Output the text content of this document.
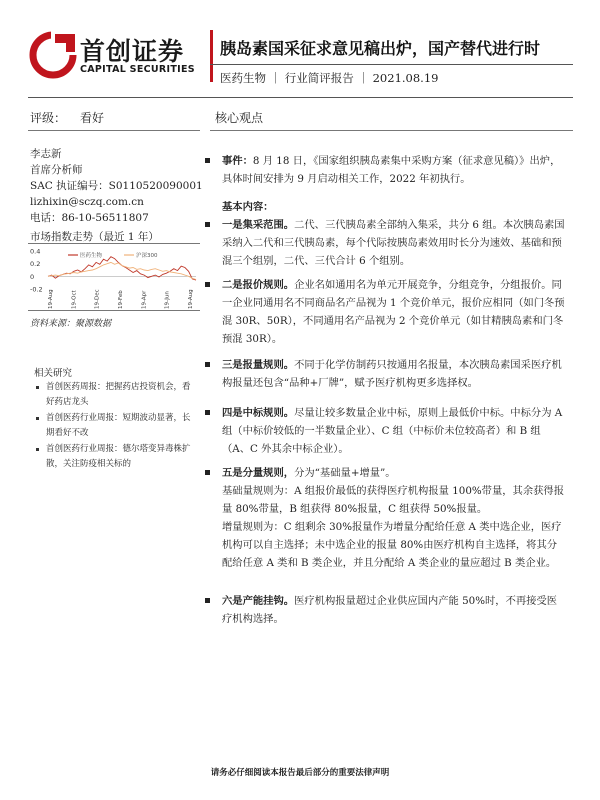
首创证券
CAPITAL SECURITIES
胰岛素国采征求意见稿出炉，国产替代进行时
医药生物 ｜ 行业简评报告 ｜ 2021.08.19
评级： 看好
李志新
首席分析师
SAC 执证编号：S0110520090001
lizhixin@sczq.com.cn
电话：86-10-56511807
市场指数走势（最近 1 年）
0.4
0.2
0
-0.2 19-Aug	19-Oct	19-Dec	19-Feb	19-Apr	19-Jun	19-Aug
医药生物	沪深300
资料来源：聚源数据
相关研究
首创医药周报：把握药店投资机会，看好药店龙头
首创医药行业周报：短期波动显著，长期看好不改
首创医药行业周报：德尔塔变异毒株扩散，关注防疫相关标的
核心观点

事件：8 月 18 日，《国家组织胰岛素集中采购方案（征求意见稿）》出炉，具体时间安排为 9 月启动相关工作，2022 年初执行。

基本内容：

一是集采范围。二代、三代胰岛素全部纳入集采，共分 6 组。本次胰岛素国采纳入二代和三代胰岛素，每个代际按胰岛素效用时长分为速效、基础和预混三个组别，二代、三代合计 6 个组别。

二是报价规则。企业名如通用名为单元开展竞争，分组竞争，分组报价。同一企业同通用名不同商品名产品视为 1 个竞价单元，报价应相同（如门冬预混 30R、50R），不同通用名产品视为 2 个竞价单元（如甘精胰岛素和门冬预混 30R）。

三是报量规则。不同于化学仿制药只按通用名报量，本次胰岛素国采医疗机构报量还包含“品种+厂牌”，赋予医疗机构更多选择权。

四是中标规则。尽量让较多数量企业中标，原则上最低价中标。中标分为 A 组（中标价较低的一半数量企业）、C 组（中标价未位较高者）和 B 组（A、C 外其余中标企业）。

五是分量规则，分为“基础量+增量”。

基础量规则为：A 组报价最低的获得医疗机构报量 100%带量，其余获得报量 80%带量，B 组获得 80%报量，C 组获得 50%报量。

增量规则为：C 组剩余 30%报量作为增量分配给任意 A 类中选企业，医疗机构可以自主选择；未中选企业的报量 80%由医疗机构自主选择，将其分配给任意 A 类和 B 类企业，并且分配给 A 类企业的量应超过 B 类企业。

六是产能挂钩。医疗机构报量超过企业供应国内产能 50%时，不再接受医疗机构选择。

请务必仔细阅读本报告最后部分的重要法律声明
